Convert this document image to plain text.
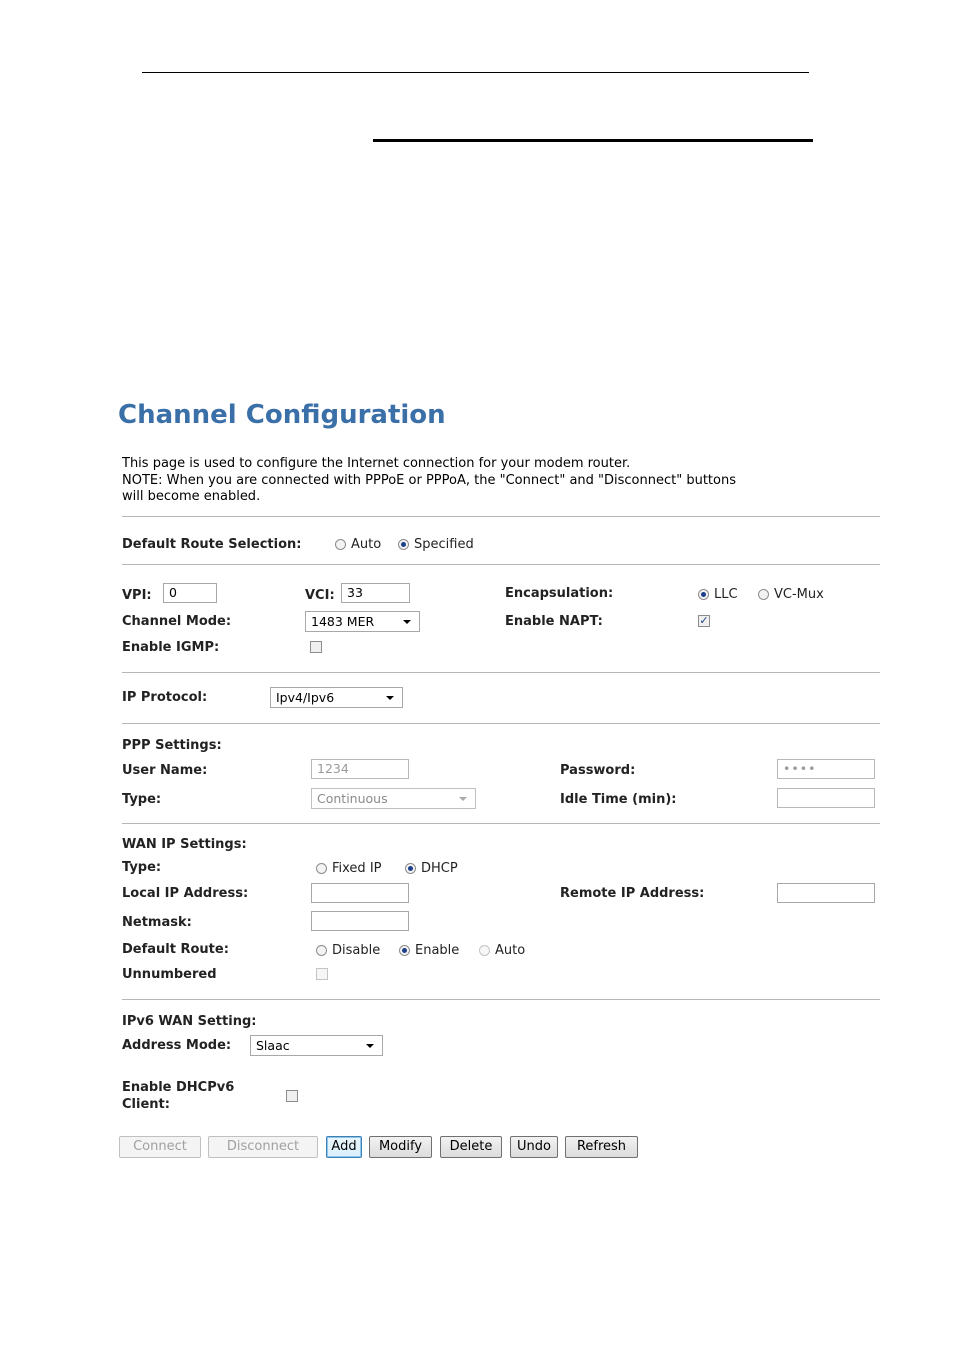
Channel Configuration
This page is used to configure the Internet connection for your modem router.
NOTE: When you are connected with PPPoE or PPPoA, the "Connect" and "Disconnect" buttons
will become enabled.
Default Route Selection:	Auto	Specified
VPI:	0	VCI: 33	Encapsulation:	LLC	VC-Mux
Channel Mode:	1483 MER	Enable NAPT:	✓
Enable IGMP:
IP Protocol:	Ipv4/Ipv6
PPP Settings:
User Name:	1234	Password:	••••
Type:	Continuous	Idle Time (min):
WAN IP Settings:
Type:	Fixed IP	DHCP
Local IP Address:	Remote IP Address:
Netmask:
Default Route:	Disable	Enable	Auto
Unnumbered
IPv6 WAN Setting:
Address Mode:	Slaac
Enable DHCPv6
Client:
Connect	Disconnect	Add	Modify	Delete	Undo	Refresh
